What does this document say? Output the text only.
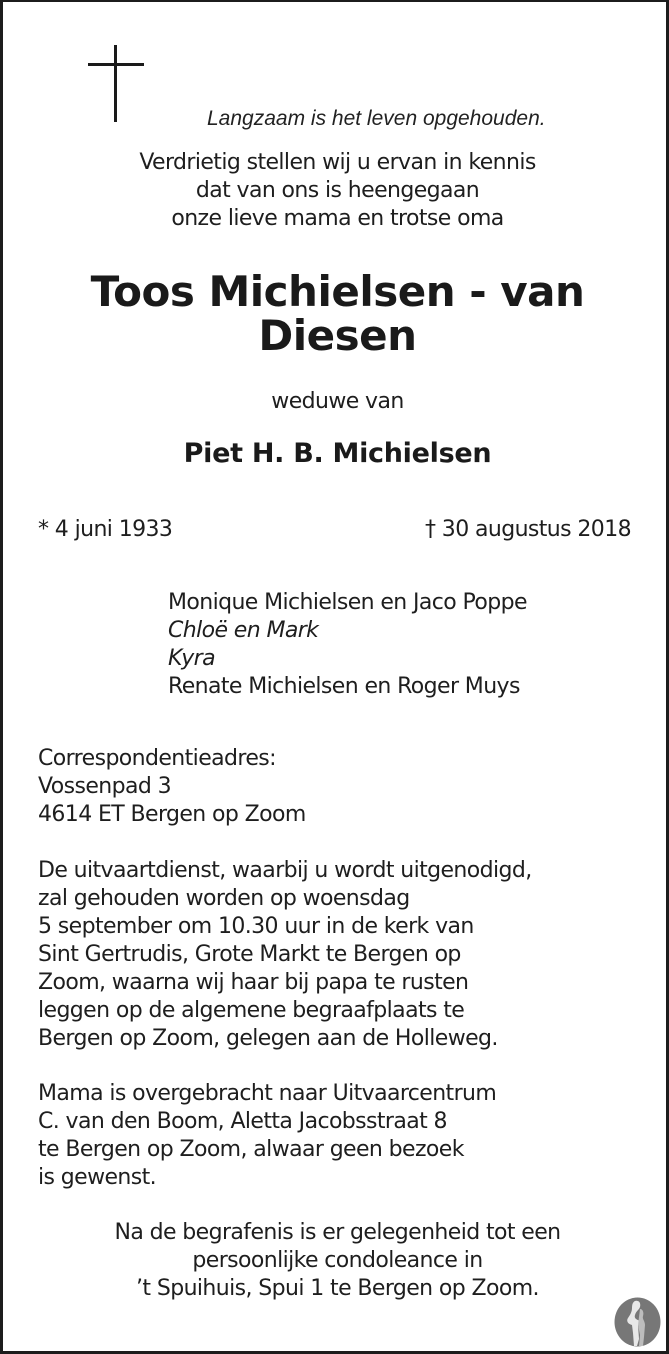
Langzaam is het leven opgehouden.
Verdrietig stellen wij u ervan in kennis
dat van ons is heengegaan
onze lieve mama en trotse oma
Toos Michielsen - van
Diesen
weduwe van
Piet H. B. Michielsen
* 4 juni 1933	† 30 augustus 2018
Monique Michielsen en Jaco Poppe
Chloë en Mark
Kyra
Renate Michielsen en Roger Muys
Correspondentieadres:
Vossenpad 3
4614 ET Bergen op Zoom
De uitvaartdienst, waarbij u wordt uitgenodigd,
zal gehouden worden op woensdag
5 september om 10.30 uur in de kerk van
Sint Gertrudis, Grote Markt te Bergen op
Zoom, waarna wij haar bij papa te rusten
leggen op de algemene begraafplaats te
Bergen op Zoom, gelegen aan de Holleweg.
Mama is overgebracht naar Uitvaarcentrum
C. van den Boom, Aletta Jacobsstraat 8
te Bergen op Zoom, alwaar geen bezoek
is gewenst.
Na de begrafenis is er gelegenheid tot een
persoonlijke condoleance in
’t Spuihuis, Spui 1 te Bergen op Zoom.
